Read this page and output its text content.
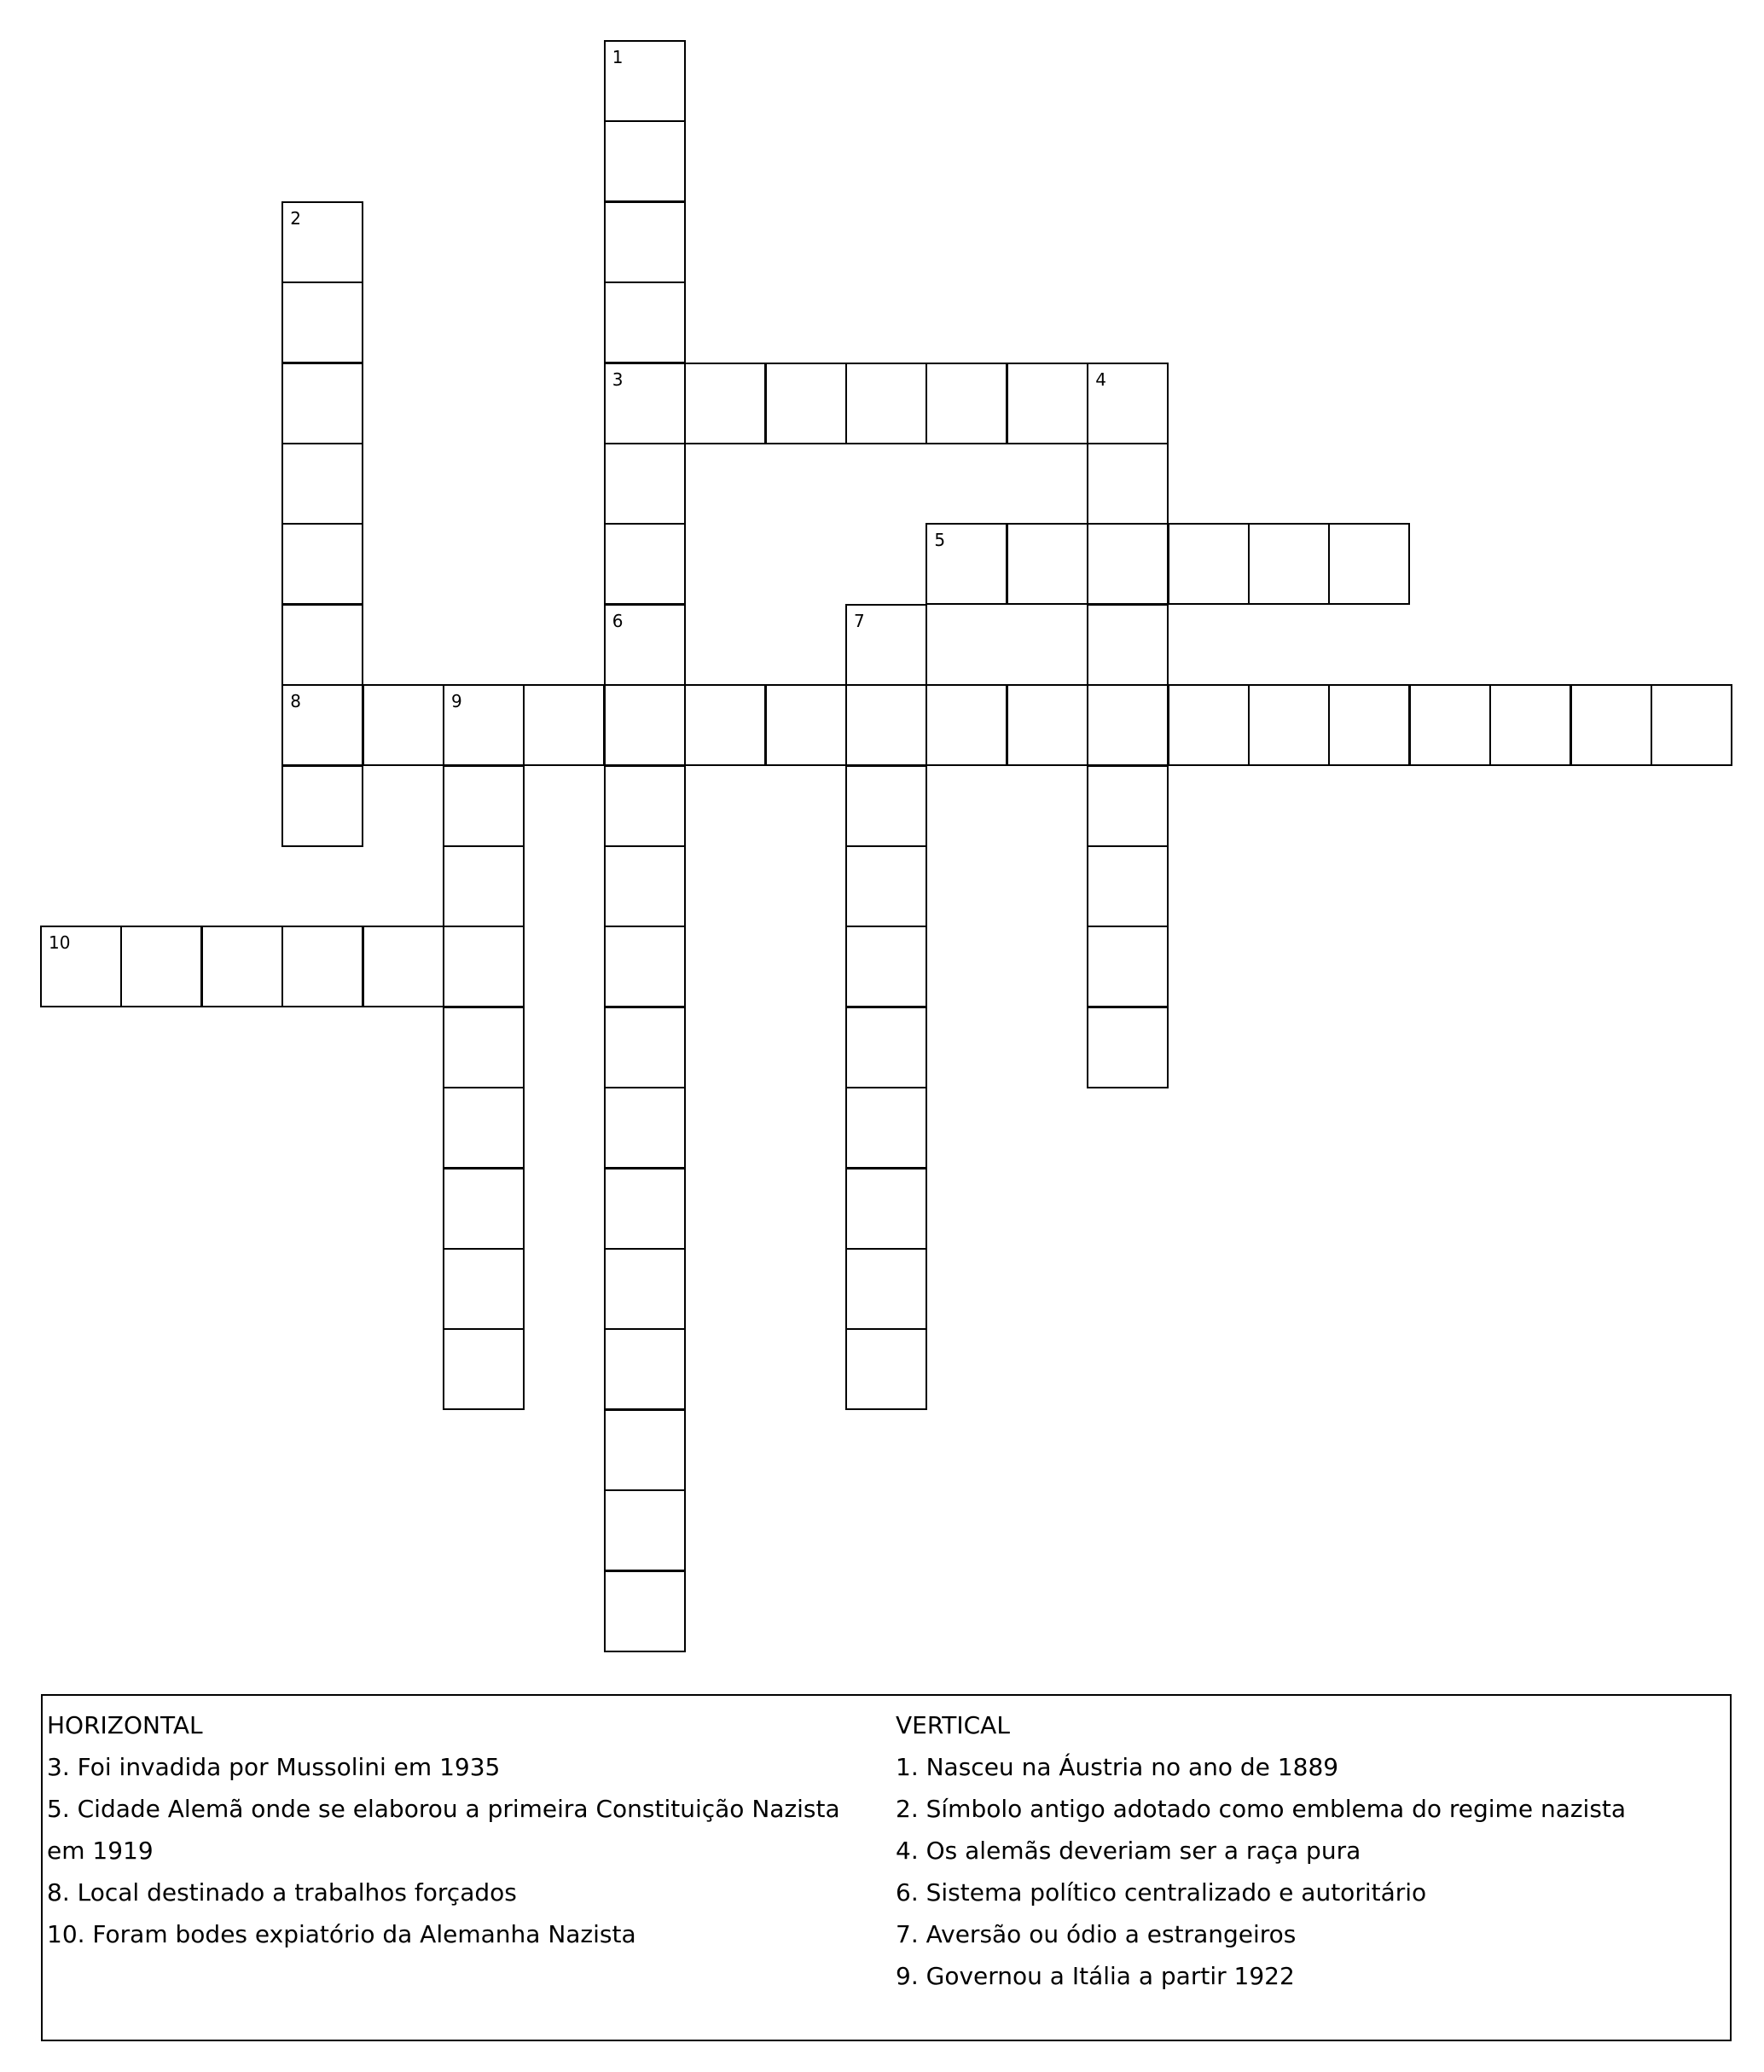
1
3
2
8
4
5
6	7
9
10

HORIZONTAL

3. Foi invadida por Mussolini em 1935

5. Cidade Alemã onde se elaborou a primeira Constituição Nazista em 1919

8. Local destinado a trabalhos forçados

10. Foram bodes expiatório da Alemanha Nazista

VERTICAL

1. Nasceu na Áustria no ano de 1889

2. Símbolo antigo adotado como emblema do regime nazista

4. Os alemãs deveriam ser a raça pura

6. Sistema político centralizado e autoritário

7. Aversão ou ódio a estrangeiros

9. Governou a Itália a partir 1922
